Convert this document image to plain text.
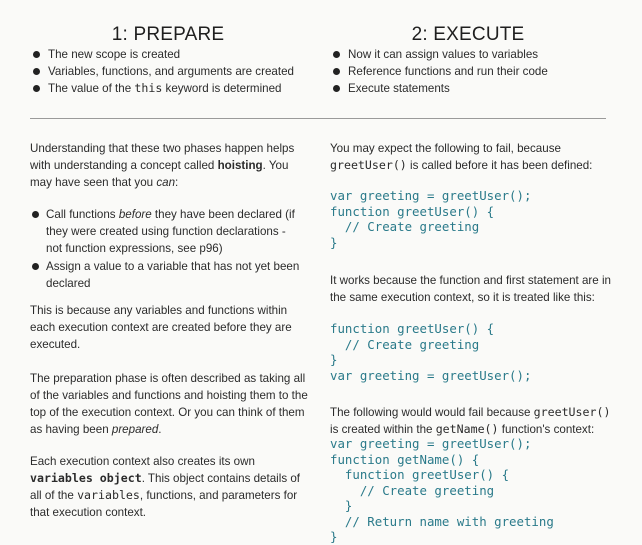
1: PREPARE
The new scope is created
Variables, functions, and arguments are created
The value of the this keyword is determined
2: EXECUTE
Now it can assign values to variables
Reference functions and run their code
Execute statements

Understanding that these two phases happen helps with understanding a concept called hoisting. You may have seen that you can:

Call functions before they have been declared (if they were created using function declarations - not function expressions, see p96)
Assign a value to a variable that has not yet been declared

This is because any variables and functions within each execution context are created before they are executed.

The preparation phase is often described as taking all of the variables and functions and hoisting them to the top of the execution context. Or you can think of them as having been prepared.

Each execution context also creates its own variables object. This object contains details of all of the variables, functions, and parameters for that execution context.

You may expect the following to fail, because greetUser() is called before it has been defined:

var greeting = greetUser();
function greetUser() {
// Create greeting
}

It works because the function and first statement are in the same execution context, so it is treated like this:

function greetUser() {
// Create greeting
}
var greeting = greetUser();

The following would would fail because greetUser() is created within the getName() function's context:

var greeting = greetUser();
function getName() {
function greetUser() {
// Create greeting
}
// Return name with greeting
}
